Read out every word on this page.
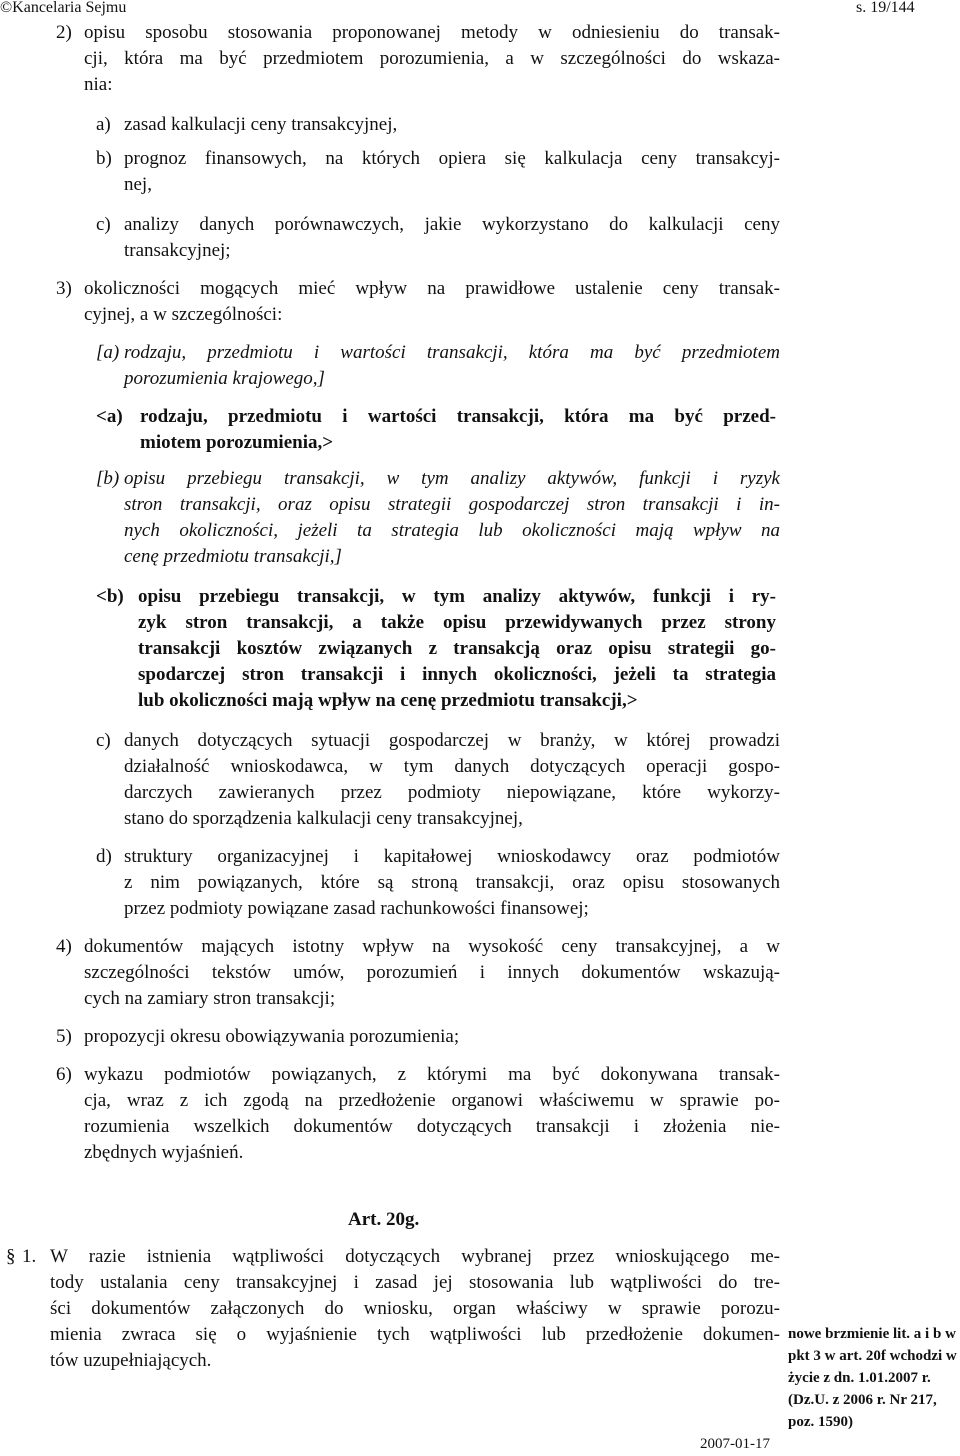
©Kancelaria Sejmu	s. 19/144
2) opisu sposobu stosowania proponowanej metody w odniesieniu do transak-
cji, która ma być przedmiotem porozumienia, a w szczególności do wskaza-
nia:
a) zasad kalkulacji ceny transakcyjnej,
b) prognoz finansowych, na których opiera się kalkulacja ceny transakcyj-
nej,
c) analizy danych porównawczych, jakie wykorzystano do kalkulacji ceny
transakcyjnej;
3) okoliczności mogących mieć wpływ na prawidłowe ustalenie ceny transak-
cyjnej, a w szczególności:
[a) rodzaju, przedmiotu i wartości transakcji, która ma być przedmiotem
porozumienia krajowego,]
<a) rodzaju, przedmiotu i wartości transakcji, która ma być przed-
miotem porozumienia,>
[b) opisu przebiegu transakcji, w tym analizy aktywów, funkcji i ryzyk
stron transakcji, oraz opisu strategii gospodarczej stron transakcji i in-
nych okoliczności, jeżeli ta strategia lub okoliczności mają wpływ na
cenę przedmiotu transakcji,]
<b) opisu przebiegu transakcji, w tym analizy aktywów, funkcji i ry-
zyk stron transakcji, a także opisu przewidywanych przez strony
transakcji kosztów związanych z transakcją oraz opisu strategii go-
spodarczej stron transakcji i innych okoliczności, jeżeli ta strategia
lub okoliczności mają wpływ na cenę przedmiotu transakcji,>
c) danych dotyczących sytuacji gospodarczej w branży, w której prowadzi
działalność wnioskodawca, w tym danych dotyczących operacji gospo-
darczych zawieranych przez podmioty niepowiązane, które wykorzy-
stano do sporządzenia kalkulacji ceny transakcyjnej,
d) struktury organizacyjnej i kapitałowej wnioskodawcy oraz podmiotów
z nim powiązanych, które są stroną transakcji, oraz opisu stosowanych
przez podmioty powiązane zasad rachunkowości finansowej;
4) dokumentów mających istotny wpływ na wysokość ceny transakcyjnej, a w
szczególności tekstów umów, porozumień i innych dokumentów wskazują-
cych na zamiary stron transakcji;
5) propozycji okresu obowiązywania porozumienia;
6) wykazu podmiotów powiązanych, z którymi ma być dokonywana transak-
cja, wraz z ich zgodą na przedłożenie organowi właściwemu w sprawie po-
rozumienia wszelkich dokumentów dotyczących transakcji i złożenia nie-
zbędnych wyjaśnień.
§ 1. W razie istnienia wątpliwości dotyczących wybranej przez wnioskującego me-
tody ustalania ceny transakcyjnej i zasad jej stosowania lub wątpliwości do tre-
ści dokumentów załączonych do wniosku, organ właściwy w sprawie porozu-
mienia zwraca się o wyjaśnienie tych wątpliwości lub przedłożenie dokumen-
tów uzupełniających.
Art. 20g.
nowe brzmienie lit. a i b w pkt 3 w art. 20f wchodzi w życie z dn. 1.01.2007 r. (Dz.U. z 2006 r. Nr 217, poz. 1590)
2007-01-17
